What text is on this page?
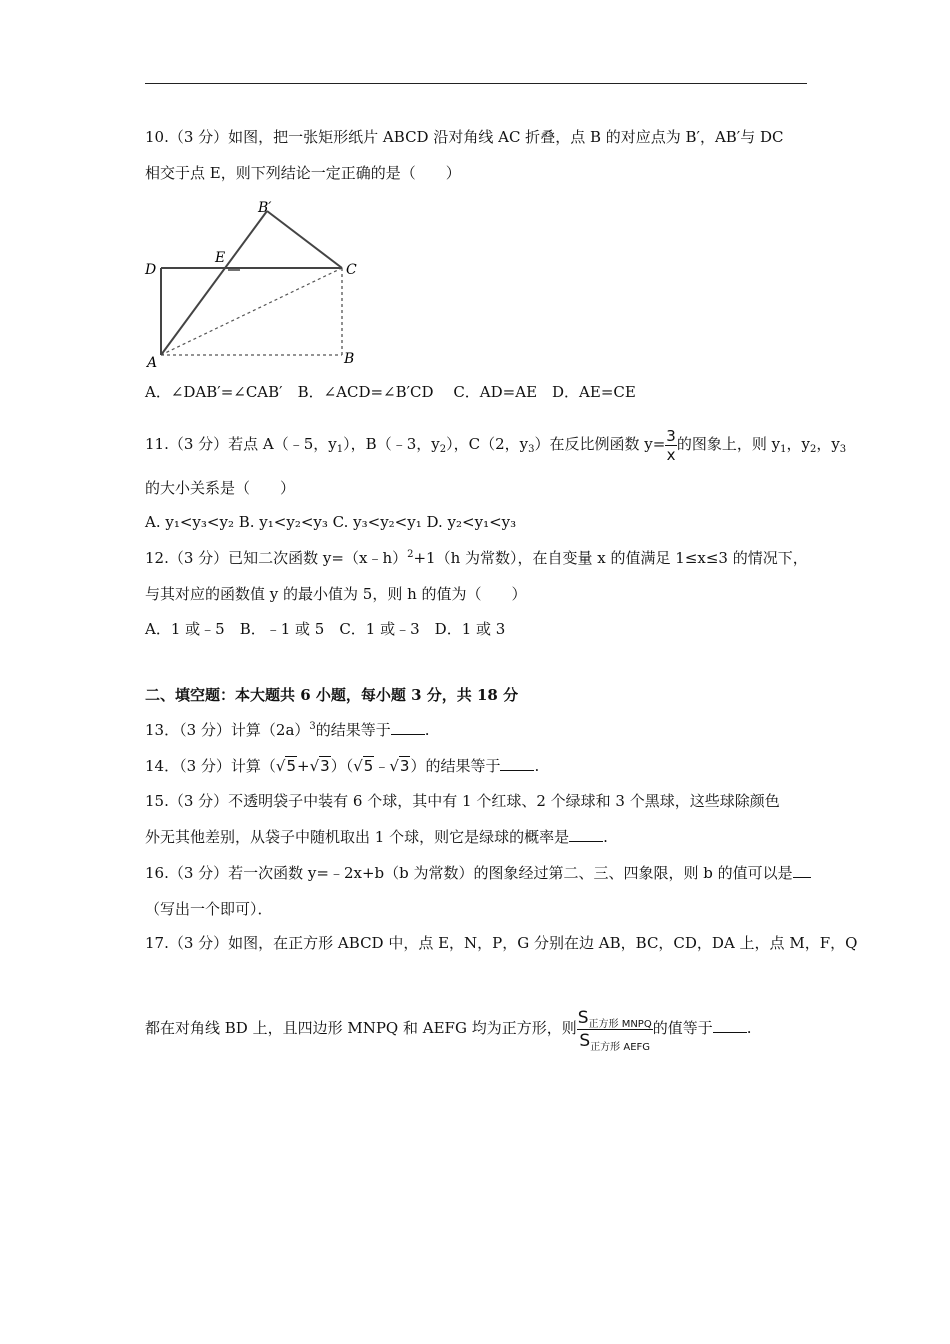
10.（3 分）如图，把一张矩形纸片 ABCD 沿对角线 AC 折叠，点 B 的对应点为 B′，AB′与 DC
相交于点 E，则下列结论一定正确的是（　　）
B′
D
E
C
A	B
A．∠DAB′=∠CAB′　B．∠ACD=∠B′CD　 C．AD=AE　D．AE=CE
11.（3 分）若点 A（﹣5，$y_1$），B（﹣3，$y_2$），C（2，$y_3$）在反比例函数 $y= \frac{3}{x}$ 的图象上，则 $y_1$，$y_2$，$y_3$
的大小关系是（　　）
A. y₁<y₃<y₂ B. y₁<y₂<y₃ C. y₃<y₂<y₁ D. y₂<y₁<y₃
12.（3 分）已知二次函数 y=（x﹣h）$^2$+1（h 为常数），在自变量 x 的值满足 1≤x≤3 的情况下，
与其对应的函数值 y 的最小值为 5，则 h 的值为（　　）
A．1 或﹣5　B．﹣1 或 5　C．1 或﹣3　D．1 或 3
二、填空题：本大题共 6 小题，每小题 3 分，共 18 分
13．（3 分）计算$(2a)^3$的结果等于 .
14．（3 分）计算（√5+√3）（√5﹣√3）的结果等于 .
15.（3 分）不透明袋子中装有 6 个球，其中有 1 个红球、2 个绿球和 3 个黑球，这些球除颜色
外无其他差别，从袋子中随机取出 1 个球，则它是绿球的概率是 .
16.（3 分）若一次函数 y=﹣2x+b（b 为常数）的图象经过第二、三、四象限，则 b 的值可以是
（写出一个即可）．
17.（3 分）如图，在正方形 ABCD 中，点 E，N，P，G 分别在边 AB，BC，CD，DA 上，点 M，F，Q
都在对角线 BD 上，且四边形 MNPQ 和 AEFG 均为正方形，则 $\frac{S_{正方形 MNPQ}}{S_{正方形 AEFG}}$ 的值等于 .
